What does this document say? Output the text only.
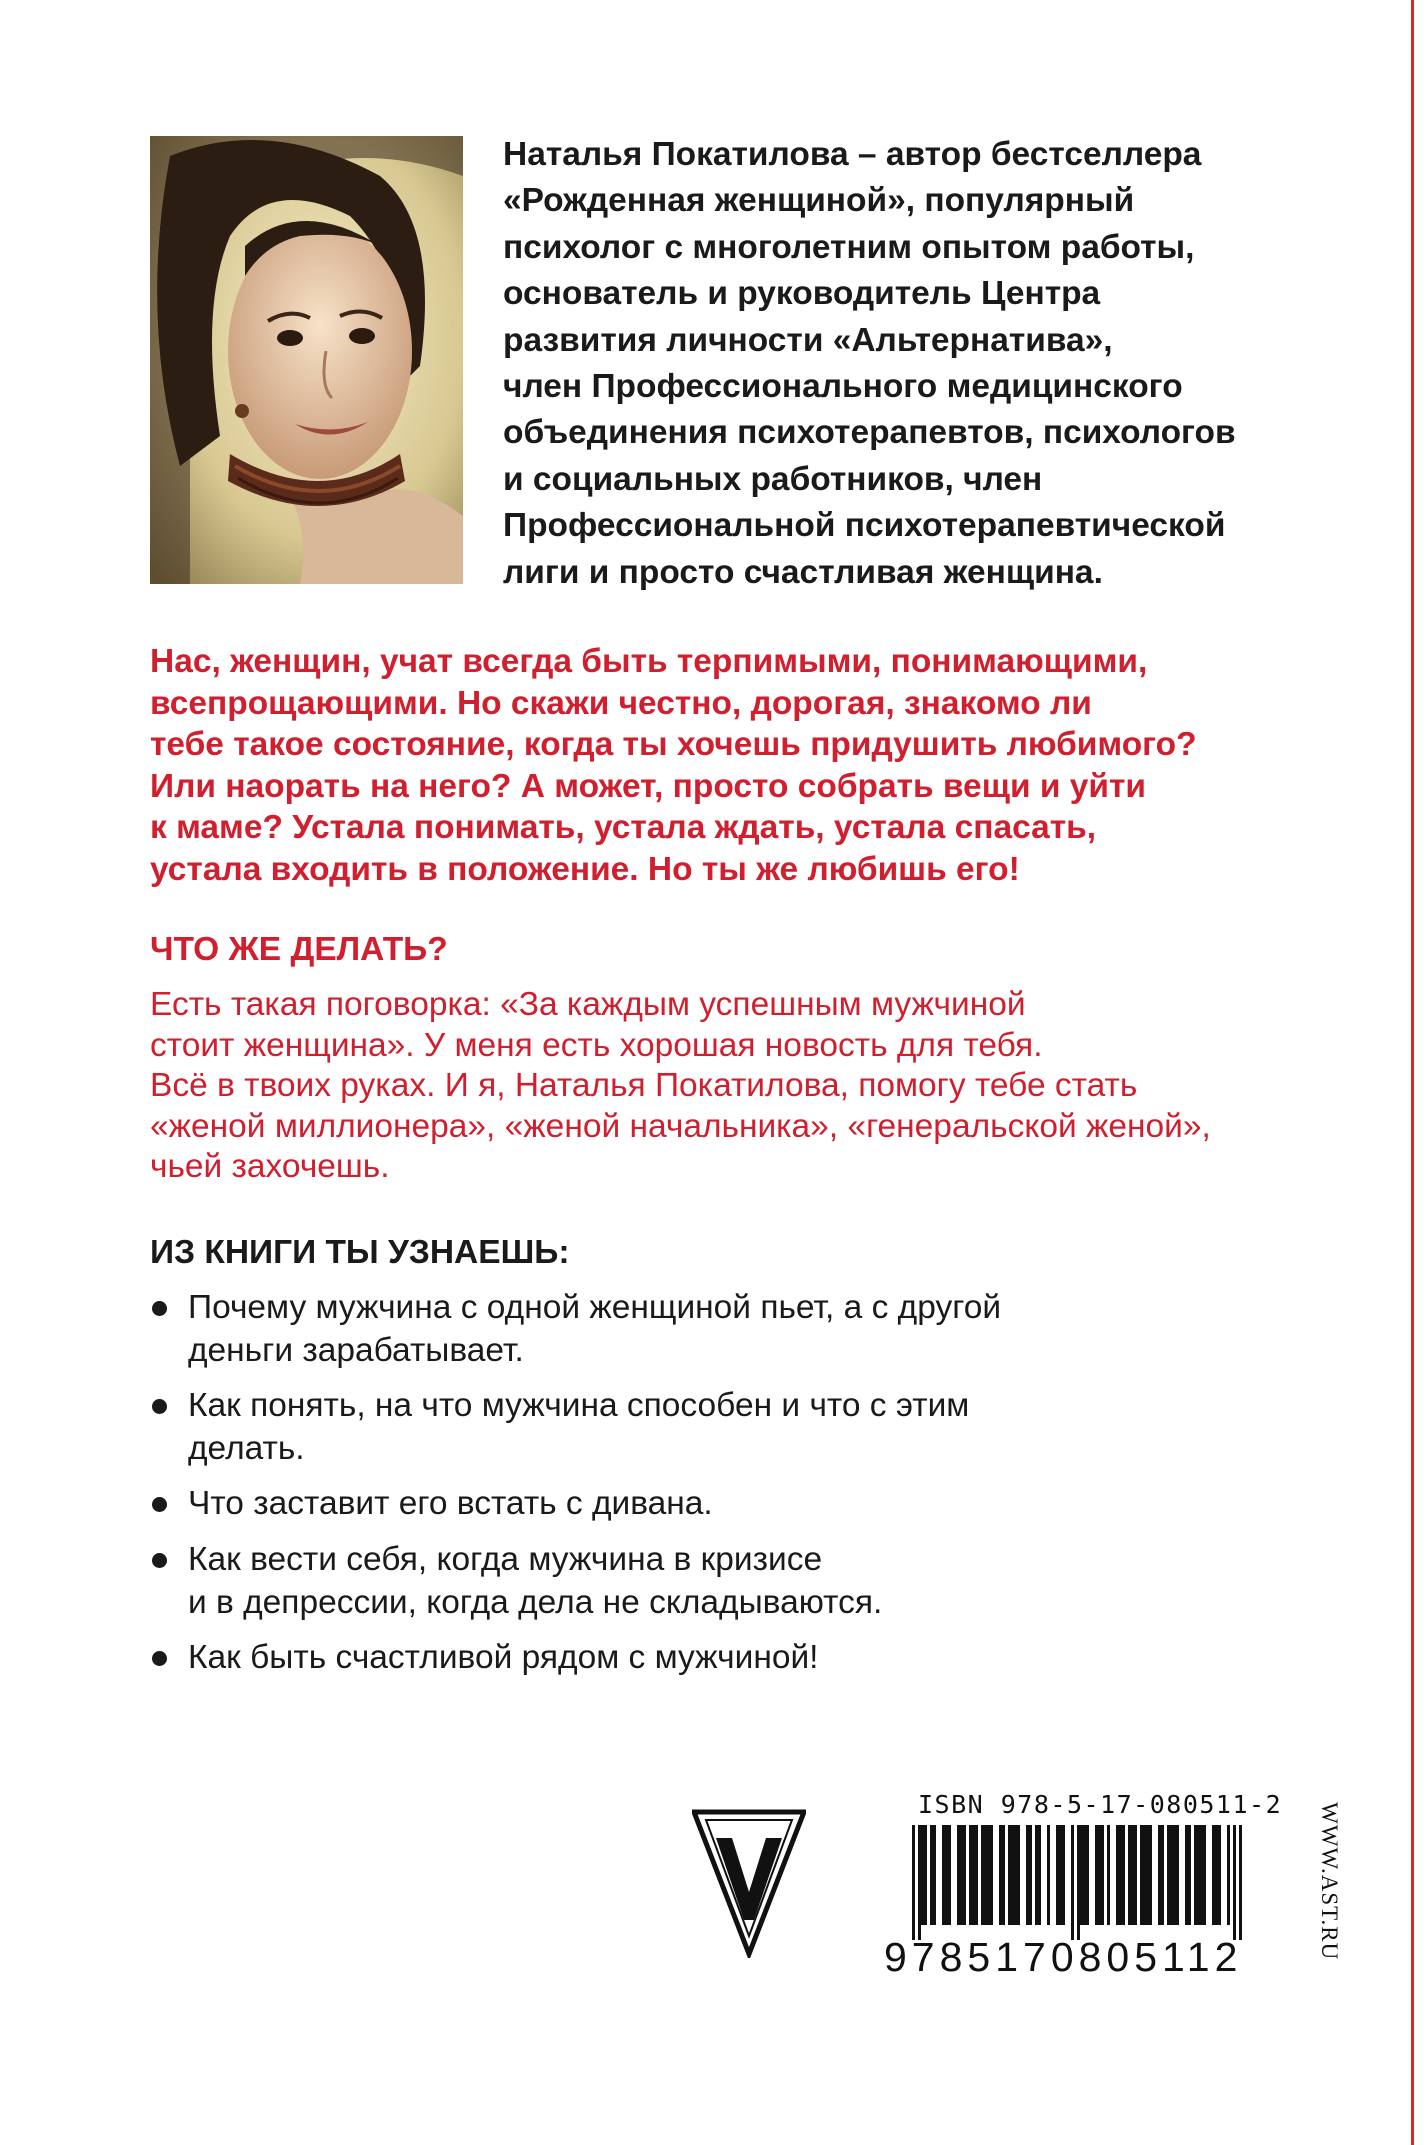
Наталья Покатилова – автор бестселлера
«Рожденная женщиной», популярный
психолог с многолетним опытом работы,
основатель и руководитель Центра
развития личности «Альтернатива»,
член Профессионального медицинского
объединения психотерапевтов, психологов
и социальных работников, член
Профессиональной психотерапевтической
лиги и просто счастливая женщина.
Нас, женщин, учат всегда быть терпимыми, понимающими,
всепрощающими. Но скажи честно, дорогая, знакомо ли
тебе такое состояние, когда ты хочешь придушить любимого?
Или наорать на него? А может, просто собрать вещи и уйти
к маме? Устала понимать, устала ждать, устала спасать,
устала входить в положение. Но ты же любишь его!
ЧТО ЖЕ ДЕЛАТЬ?
Есть такая поговорка: «За каждым успешным мужчиной
стоит женщина». У меня есть хорошая новость для тебя.
Всё в твоих руках. И я, Наталья Покатилова, помогу тебе стать
«женой миллионера», «женой начальника», «генеральской женой»,
чьей захочешь.
ИЗ КНИГИ ТЫ УЗНАЕШЬ:
Почему мужчина с одной женщиной пьет, а с другой
деньги зарабатывает.
Как понять, на что мужчина способен и что с этим
делать.
Что заставит его встать с дивана.
Как вести себя, когда мужчина в кризисе
и в депрессии, когда дела не складываются.
Как быть счастливой рядом с мужчиной!
ISBN 978-5-17-080511-2
9785170805112	WWW.AST.RU
